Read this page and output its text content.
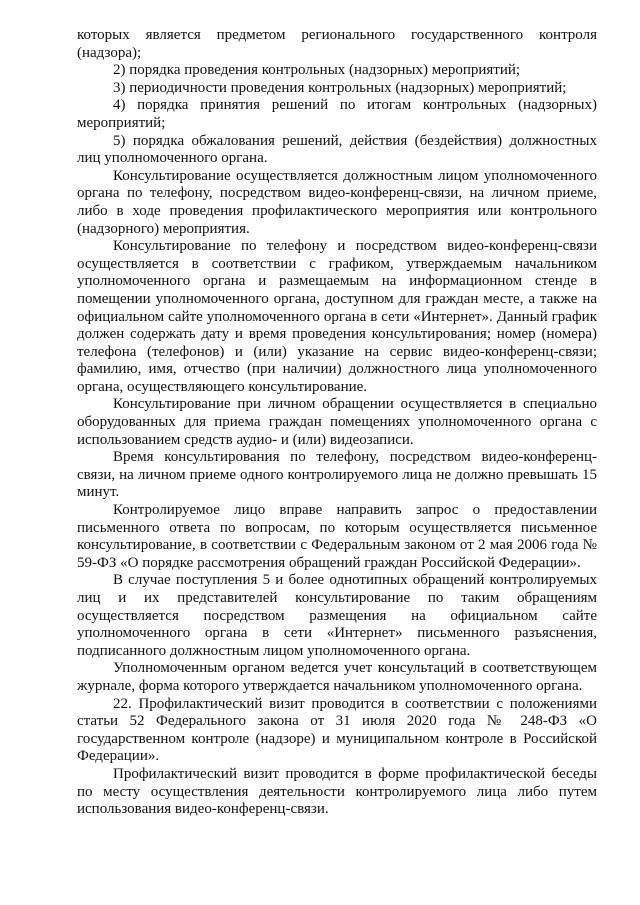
которых является предметом регионального государственного контроля (надзора);

2) порядка проведения контрольных (надзорных) мероприятий;

3) периодичности проведения контрольных (надзорных) мероприятий;

4) порядка принятия решений по итогам контрольных (надзорных) мероприятий;

5) порядка обжалования решений, действия (бездействия) должностных лиц уполномоченного органа.

Консультирование осуществляется должностным лицом уполномоченного органа по телефону, посредством видео-конференц-связи, на личном приеме, либо в ходе проведения профилактического мероприятия или контрольного (надзорного) мероприятия.

Консультирование по телефону и посредством видео-конференц-связи осуществляется в соответствии с графиком, утверждаемым начальником уполномоченного органа и размещаемым на информационном стенде в помещении уполномоченного органа, доступном для граждан месте, а также на официальном сайте уполномоченного органа в сети «Интернет». Данный график должен содержать дату и время проведения консультирования; номер (номера) телефона (телефонов) и (или) указание на сервис видео-конференц-связи; фамилию, имя, отчество (при наличии) должностного лица уполномоченного органа, осуществляющего консультирование.

Консультирование при личном обращении осуществляется в специально оборудованных для приема граждан помещениях уполномоченного органа с использованием средств аудио- и (или) видеозаписи.

Время консультирования по телефону, посредством видео-конференц-связи, на личном приеме одного контролируемого лица не должно превышать 15 минут.

Контролируемое лицо вправе направить запрос о предоставлении письменного ответа по вопросам, по которым осуществляется письменное консультирование, в соответствии с Федеральным законом от 2 мая 2006 года № 59-ФЗ «О порядке рассмотрения обращений граждан Российской Федерации».

В случае поступления 5 и более однотипных обращений контролируемых лиц и их представителей консультирование по таким обращениям осуществляется посредством размещения на официальном сайте уполномоченного органа в сети «Интернет» письменного разъяснения, подписанного должностным лицом уполномоченного органа.

Уполномоченным органом ведется учет консультаций в соответствующем журнале, форма которого утверждается начальником уполномоченного органа.

22. Профилактический визит проводится в соответствии с положениями статьи 52 Федерального закона от 31 июля 2020 года № 248-ФЗ «О государственном контроле (надзоре) и муниципальном контроле в Российской Федерации».

Профилактический визит проводится в форме профилактической беседы по месту осуществления деятельности контролируемого лица либо путем использования видео-конференц-связи.
